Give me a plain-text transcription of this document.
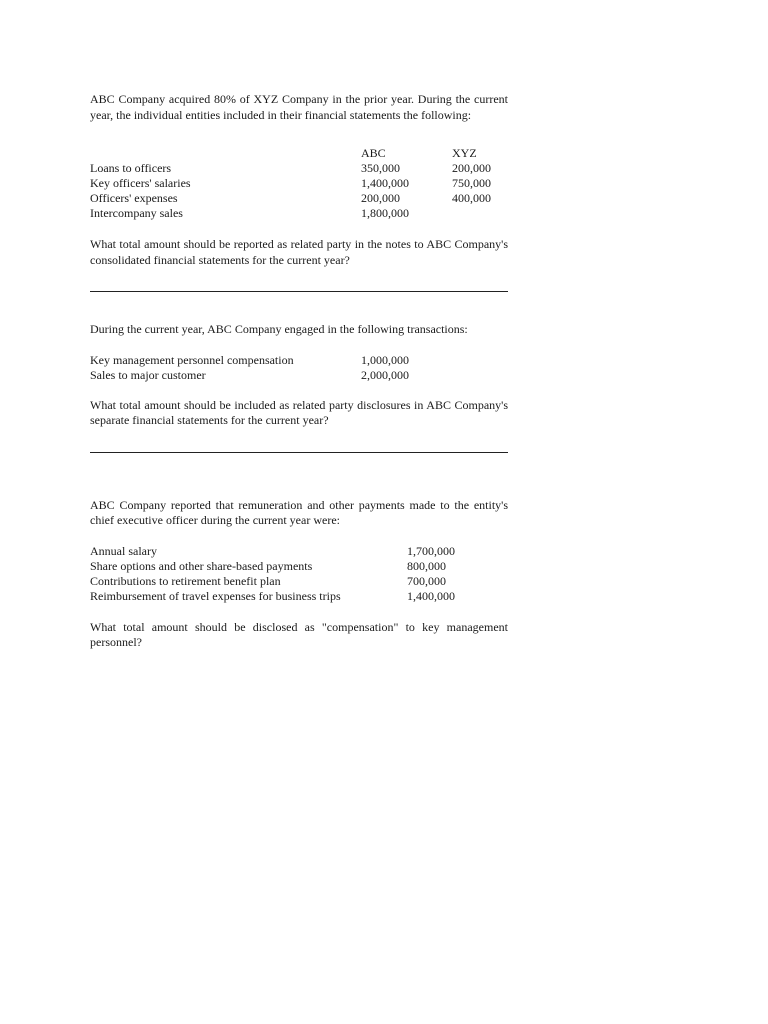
ABC Company acquired 80% of XYZ Company in the prior year. During the current year, the individual entities included in their financial statements the following:

	ABC	XYZ
Loans to officers	350,000	200,000
Key officers' salaries	1,400,000	750,000
Officers' expenses	200,000	400,000
Intercompany sales	1,800,000	

What total amount should be reported as related party in the notes to ABC Company's consolidated financial statements for the current year?

During the current year, ABC Company engaged in the following transactions:

Key management personnel compensation	1,000,000
Sales to major customer	2,000,000

What total amount should be included as related party disclosures in ABC Company's separate financial statements for the current year?

ABC Company reported that remuneration and other payments made to the entity's chief executive officer during the current year were:

Annual salary	1,700,000
Share options and other share-based payments	800,000
Contributions to retirement benefit plan	700,000
Reimbursement of travel expenses for business trips	1,400,000

What total amount should be disclosed as "compensation" to key management personnel?
